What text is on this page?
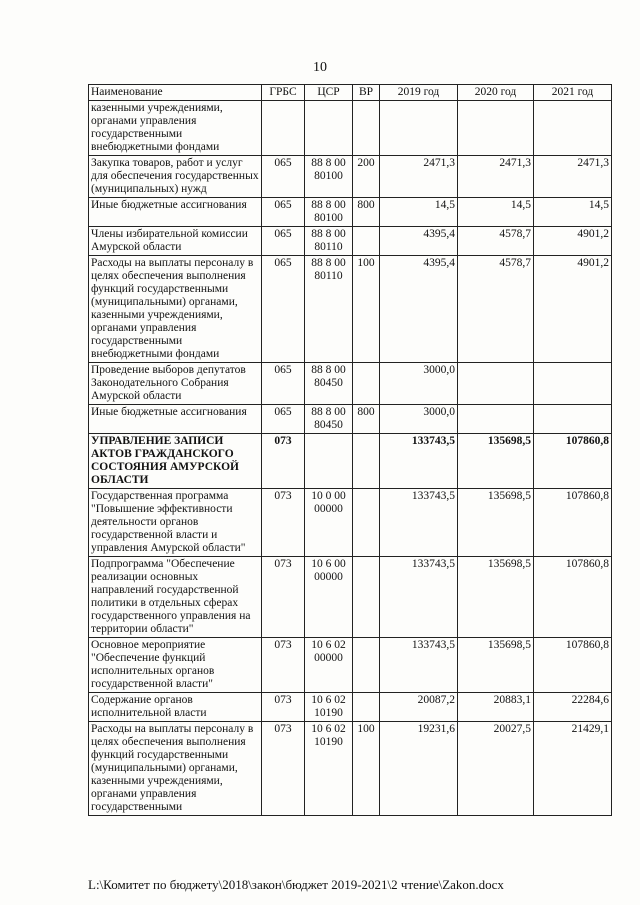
10
Наименование	ГРБС	ЦСР	ВР	2019 год	2020 год	2021 год
казенными учреждениями, органами управления государственными внебюджетными фондами						
Закупка товаров, работ и услуг для обеспечения государственных (муниципальных) нужд	065	88 8 00 80100	200	2471,3	2471,3	2471,3
Иные бюджетные ассигнования	065	88 8 00 80100	800	14,5	14,5	14,5
Члены избирательной комиссии Амурской области	065	88 8 00 80110		4395,4	4578,7	4901,2
Расходы на выплаты персоналу в целях обеспечения выполнения функций государственными (муниципальными) органами, казенными учреждениями, органами управления государственными внебюджетными фондами	065	88 8 00 80110	100	4395,4	4578,7	4901,2
Проведение выборов депутатов Законодательного Собрания Амурской области	065	88 8 00 80450		3000,0		
Иные бюджетные ассигнования	065	88 8 00 80450	800	3000,0		
УПРАВЛЕНИЕ ЗАПИСИ АКТОВ ГРАЖДАНСКОГО СОСТОЯНИЯ АМУРСКОЙ ОБЛАСТИ	073			133743,5	135698,5	107860,8
Государственная программа "Повышение эффективности деятельности органов государственной власти и управления Амурской области"	073	10 0 00 00000		133743,5	135698,5	107860,8
Подпрограмма "Обеспечение реализации основных направлений государственной политики в отдельных сферах государственного управления на территории области"	073	10 6 00 00000		133743,5	135698,5	107860,8
Основное мероприятие "Обеспечение функций исполнительных органов государственной власти"	073	10 6 02 00000		133743,5	135698,5	107860,8
Содержание органов исполнительной власти	073	10 6 02 10190		20087,2	20883,1	22284,6
Расходы на выплаты персоналу в целях обеспечения выполнения функций государственными (муниципальными) органами, казенными учреждениями, органами управления государственными	073	10 6 02 10190	100	19231,6	20027,5	21429,1
L:\Комитет по бюджету\2018\закон\бюджет 2019-2021\2 чтение\Zakon.docx
